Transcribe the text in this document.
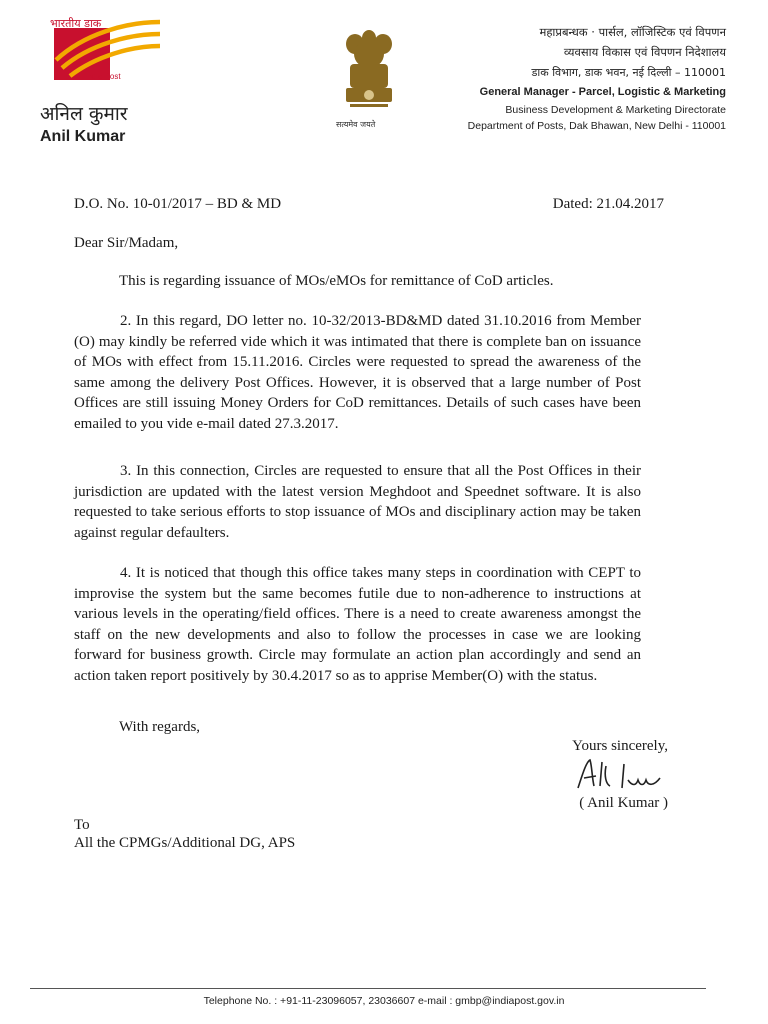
भारतीय डाक
India Post
अनिल कुमार
Anil Kumar
सत्यमेव जयते
महाप्रबन्धक · पार्सल, लॉजिस्टिक एवं विपणन
व्यवसाय विकास एवं विपणन निदेशालय
डाक विभाग, डाक भवन, नई दिल्ली – 110001
General Manager - Parcel, Logistic & Marketing
Business Development & Marketing Directorate
Department of Posts, Dak Bhawan, New Delhi - 110001
D.O. No. 10-01/2017 – BD & MD	Dated: 21.04.2017
Dear Sir/Madam,
This is regarding issuance of MOs/eMOs for remittance of CoD articles.
2. In this regard, DO letter no. 10-32/2013-BD&MD dated 31.10.2016 from Member (O) may kindly be referred vide which it was intimated that there is complete ban on issuance of MOs with effect from 15.11.2016. Circles were requested to spread the awareness of the same among the delivery Post Offices. However, it is observed that a large number of Post Offices are still issuing Money Orders for CoD remittances. Details of such cases have been emailed to you vide e-mail dated 27.3.2017.
3. In this connection, Circles are requested to ensure that all the Post Offices in their jurisdiction are updated with the latest version Meghdoot and Speednet software. It is also requested to take serious efforts to stop issuance of MOs and disciplinary action may be taken against regular defaulters.
4. It is noticed that though this office takes many steps in coordination with CEPT to improvise the system but the same becomes futile due to non-adherence to instructions at various levels in the operating/field offices. There is a need to create awareness amongst the staff on the new developments and also to follow the processes in case we are looking forward for business growth. Circle may formulate an action plan accordingly and send an action taken report positively by 30.4.2017 so as to apprise Member(O) with the status.
With regards,
Yours sincerely,
( Anil Kumar )
To
All the CPMGs/Additional DG, APS
Telephone No. : +91-11-23096057, 23036607 e-mail : gmbp@indiapost.gov.in
